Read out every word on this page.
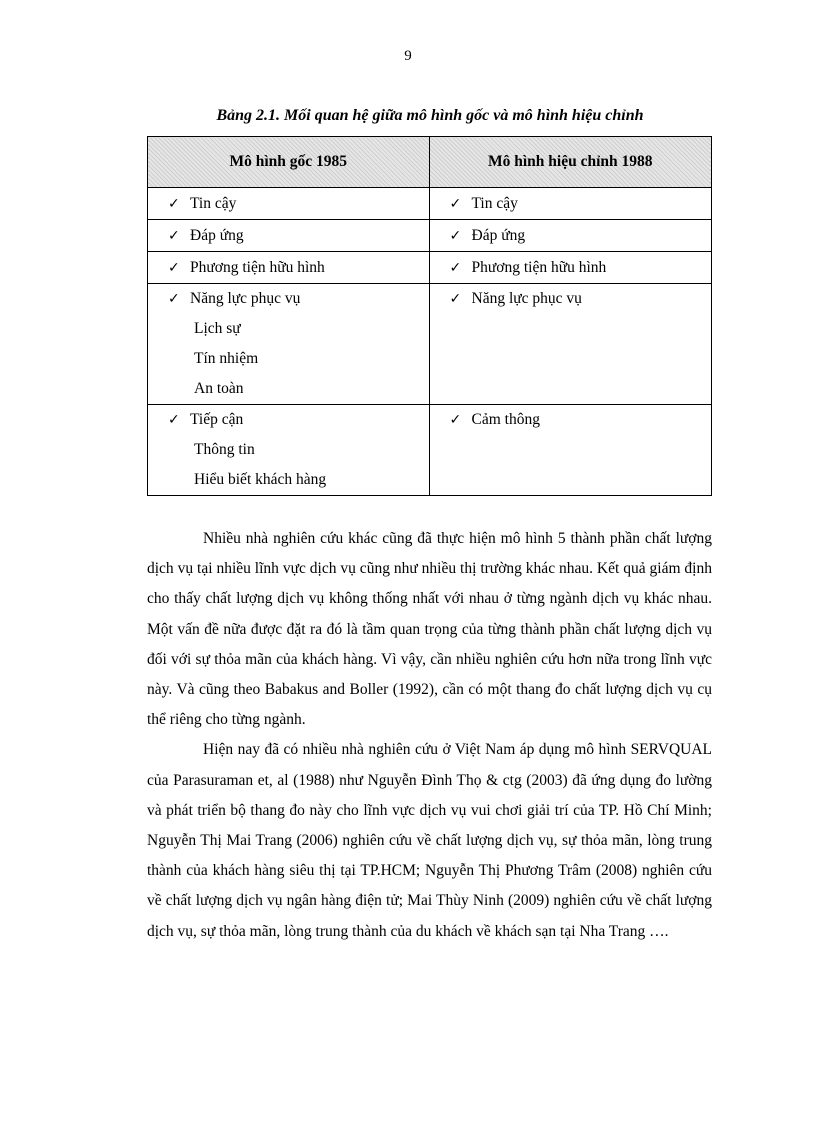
9
Bảng 2.1. Mối quan hệ giữa mô hình gốc và mô hình hiệu chỉnh
Mô hình gốc 1985	Mô hình hiệu chỉnh 1988

✓ Tin cậy	✓ Tin cậy

✓ Đáp ứng	✓ Đáp ứng

✓ Phương tiện hữu hình	✓ Phương tiện hữu hình

✓ Năng lực phục vụ
Lịch sự
Tín nhiệm
An toàn	✓ Năng lực phục vụ

✓ Tiếp cận
Thông tin
Hiểu biết khách hàng	✓ Cảm thông

Nhiều nhà nghiên cứu khác cũng đã thực hiện mô hình 5 thành phần chất lượng dịch vụ tại nhiều lĩnh vực dịch vụ cũng như nhiều thị trường khác nhau. Kết quả giám định cho thấy chất lượng dịch vụ không thống nhất với nhau ở từng ngành dịch vụ khác nhau. Một vấn đề nữa được đặt ra đó là tầm quan trọng của từng thành phần chất lượng dịch vụ đối với sự thỏa mãn của khách hàng. Vì vậy, cần nhiều nghiên cứu hơn nữa trong lĩnh vực này. Và cũng theo Babakus and Boller (1992), cần có một thang đo chất lượng dịch vụ cụ thể riêng cho từng ngành.

Hiện nay đã có nhiều nhà nghiên cứu ở Việt Nam áp dụng mô hình SERVQUAL của Parasuraman et, al (1988) như Nguyễn Đình Thọ & ctg (2003) đã ứng dụng đo lường và phát triển bộ thang đo này cho lĩnh vực dịch vụ vui chơi giải trí của TP. Hồ Chí Minh; Nguyễn Thị Mai Trang (2006) nghiên cứu về chất lượng dịch vụ, sự thỏa mãn, lòng trung thành của khách hàng siêu thị tại TP.HCM; Nguyễn Thị Phương Trâm (2008) nghiên cứu về chất lượng dịch vụ ngân hàng điện tử; Mai Thùy Ninh (2009) nghiên cứu về chất lượng dịch vụ, sự thỏa mãn, lòng trung thành của du khách về khách sạn tại Nha Trang ….
